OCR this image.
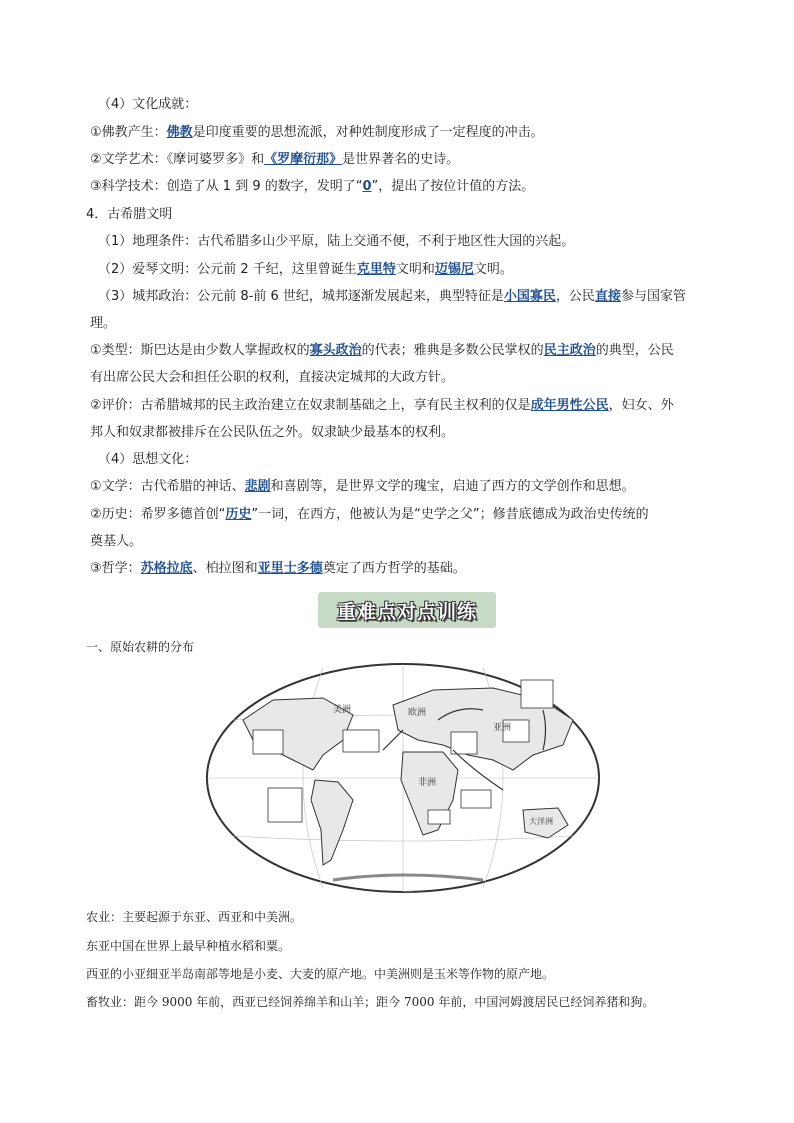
（4）文化成就：
①佛教产生：佛教是印度重要的思想流派，对种姓制度形成了一定程度的冲击。
②文学艺术：《摩诃婆罗多》和《罗摩衍那》是世界著名的史诗。
③科学技术：创造了从 1 到 9 的数字，发明了“0”，提出了按位计值的方法。
4．古希腊文明
（1）地理条件：古代希腊多山少平原，陆上交通不便，不利于地区性大国的兴起。
（2）爱琴文明：公元前 2 千纪，这里曾诞生克里特文明和迈锡尼文明。
（3）城邦政治：公元前 8-前 6 世纪，城邦逐渐发展起来，典型特征是小国寡民，公民直接参与国家管
理。
①类型：斯巴达是由少数人掌握政权的寡头政治的代表；雅典是多数公民掌权的民主政治的典型，公民
有出席公民大会和担任公职的权利，直接决定城邦的大政方针。
②评价：古希腊城邦的民主政治建立在奴隶制基础之上，享有民主权利的仅是成年男性公民，妇女、外
邦人和奴隶都被排斥在公民队伍之外。奴隶缺少最基本的权利。
（4）思想文化：
①文学：古代希腊的神话、悲剧和喜剧等，是世界文学的瑰宝，启迪了西方的文学创作和思想。
②历史：希罗多德首创“历史”一词，在西方，他被认为是“史学之父”；修昔底德成为政治史传统的
奠基人。
③哲学：苏格拉底、柏拉图和亚里士多德奠定了西方哲学的基础。
重难点对点训练
一、原始农耕的分布
美洲	欧洲
非洲
亚洲
大洋洲
世界农业起源分布图
农业：主要起源于东亚、西亚和中美洲。
东亚中国在世界上最早种植水稻和粟。
西亚的小亚细亚半岛南部等地是小麦、大麦的原产地。中美洲则是玉米等作物的原产地。
畜牧业：距今 9000 年前，西亚已经饲养绵羊和山羊；距今 7000 年前，中国河姆渡居民已经饲养猪和狗。
